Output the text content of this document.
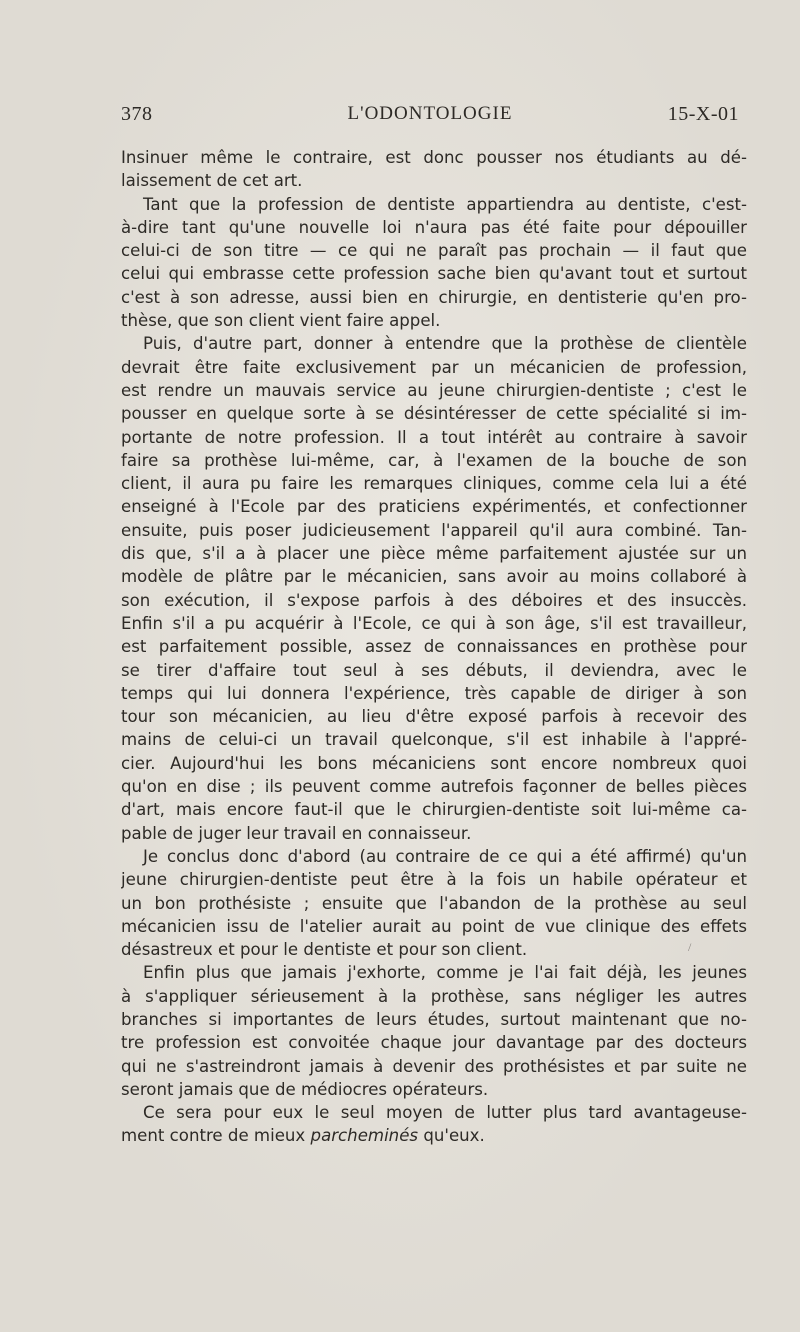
378	L'ODONTOLOGIE	15-X-01
Insinuer même le contraire, est donc pousser nos étudiants au dé-
laissement de cet art.
Tant que la profession de dentiste appartiendra au dentiste, c'est-
à-dire tant qu'une nouvelle loi n'aura pas été faite pour dépouiller
celui-ci de son titre — ce qui ne paraît pas prochain — il faut que
celui qui embrasse cette profession sache bien qu'avant tout et surtout
c'est à son adresse, aussi bien en chirurgie, en dentisterie qu'en pro-
thèse, que son client vient faire appel.
Puis, d'autre part, donner à entendre que la prothèse de clientèle
devrait être faite exclusivement par un mécanicien de profession,
est rendre un mauvais service au jeune chirurgien-dentiste ; c'est le
pousser en quelque sorte à se désintéresser de cette spécialité si im-
portante de notre profession. Il a tout intérêt au contraire à savoir
faire sa prothèse lui-même, car, à l'examen de la bouche de son
client, il aura pu faire les remarques cliniques, comme cela lui a été
enseigné à l'Ecole par des praticiens expérimentés, et confectionner
ensuite, puis poser judicieusement l'appareil qu'il aura combiné. Tan-
dis que, s'il a à placer une pièce même parfaitement ajustée sur un
modèle de plâtre par le mécanicien, sans avoir au moins collaboré à
son exécution, il s'expose parfois à des déboires et des insuccès.
Enfin s'il a pu acquérir à l'Ecole, ce qui à son âge, s'il est travailleur,
est parfaitement possible, assez de connaissances en prothèse pour
se tirer d'affaire tout seul à ses débuts, il deviendra, avec le
temps qui lui donnera l'expérience, très capable de diriger à son
tour son mécanicien, au lieu d'être exposé parfois à recevoir des
mains de celui-ci un travail quelconque, s'il est inhabile à l'appré-
cier. Aujourd'hui les bons mécaniciens sont encore nombreux quoi
qu'on en dise ; ils peuvent comme autrefois façonner de belles pièces
d'art, mais encore faut-il que le chirurgien-dentiste soit lui-même ca-
pable de juger leur travail en connaisseur.
Je conclus donc d'abord (au contraire de ce qui a été affirmé) qu'un
jeune chirurgien-dentiste peut être à la fois un habile opérateur et
un bon prothésiste ; ensuite que l'abandon de la prothèse au seul
mécanicien issu de l'atelier aurait au point de vue clinique des effets
désastreux et pour le dentiste et pour son client.
Enfin plus que jamais j'exhorte, comme je l'ai fait déjà, les jeunes
à s'appliquer sérieusement à la prothèse, sans négliger les autres
branches si importantes de leurs études, surtout maintenant que no-
tre profession est convoitée chaque jour davantage par des docteurs
qui ne s'astreindront jamais à devenir des prothésistes et par suite ne
seront jamais que de médiocres opérateurs.
Ce sera pour eux le seul moyen de lutter plus tard avantageuse-
ment contre de mieux parcheminés qu'eux.
/
